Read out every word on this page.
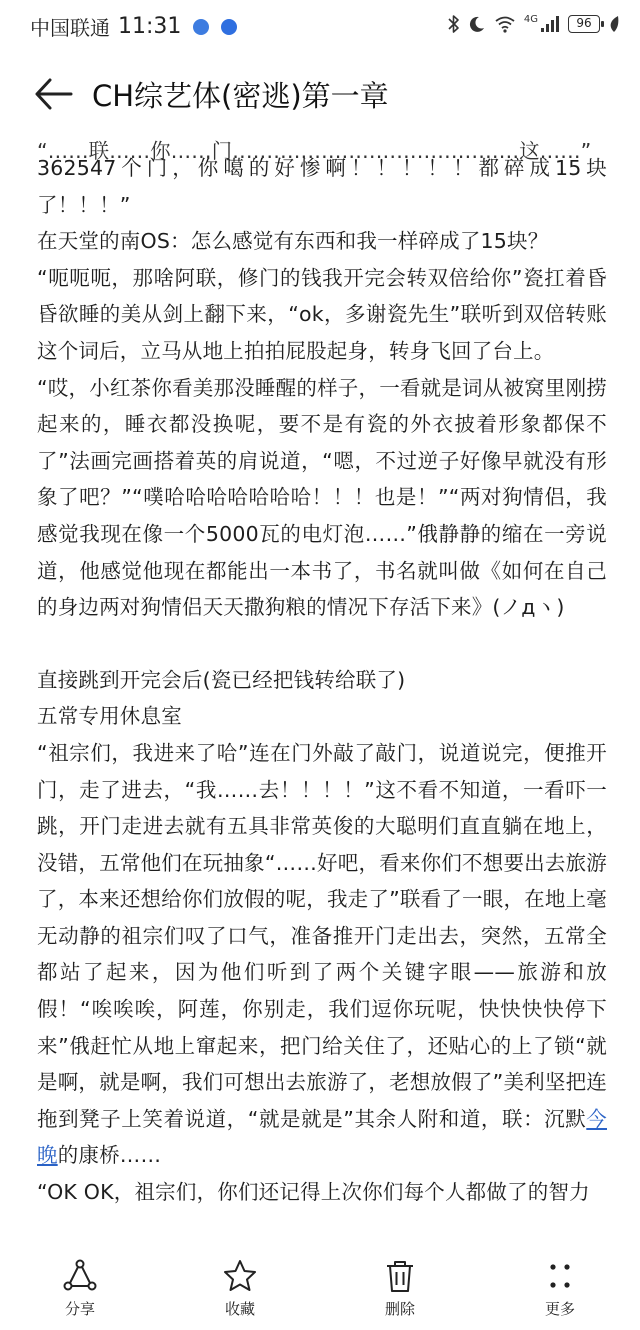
中国联通 11:31	4G	96
CH综艺体(密逃)第一章
“……联……你……门……………………………………这……”
362547个门，你噶的好惨啊！！！！！都碎成15块了！！！”
在天堂的南OS：怎么感觉有东西和我一样碎成了15块？
“呃呃呃，那啥阿联，修门的钱我开完会转双倍给你”瓷扛着昏昏欲睡的美从剑上翻下来，“ok，多谢瓷先生”联听到双倍转账这个词后，立马从地上拍拍屁股起身，转身飞回了台上。
“哎，小红茶你看美那没睡醒的样子，一看就是词从被窝里刚捞起来的，睡衣都没换呢，要不是有瓷的外衣披着形象都保不了”法画完画搭着英的肩说道，“嗯，不过逆子好像早就没有形象了吧？”“噗哈哈哈哈哈哈哈！！！也是！”“两对狗情侣，我感觉我现在像一个5000瓦的电灯泡……”俄静静的缩在一旁说道，他感觉他现在都能出一本书了，书名就叫做《如何在自己的身边两对狗情侣天天撒狗粮的情况下存活下来》(ノдヽ)
直接跳到开完会后(瓷已经把钱转给联了)
五常专用休息室
“祖宗们，我进来了哈”连在门外敲了敲门，说道说完，便推开门，走了进去，“我……去！！！！”这不看不知道，一看吓一跳，开门走进去就有五具非常英俊的大聪明们直直躺在地上，没错，五常他们在玩抽象“……好吧，看来你们不想要出去旅游了，本来还想给你们放假的呢，我走了”联看了一眼，在地上毫无动静的祖宗们叹了口气，准备推开门走出去，突然，五常全都站了起来，因为他们听到了两个关键字眼——旅游和放假！“唉唉唉，阿莲，你别走，我们逗你玩呢，快快快快停下来”俄赶忙从地上窜起来，把门给关住了，还贴心的上了锁“就是啊，就是啊，我们可想出去旅游了，老想放假了”美利坚把连拖到凳子上笑着说道，“就是就是”其余人附和道，联：沉默今晚的康桥……
“OK OK，祖宗们，你们还记得上次你们每个人都做了的智力
分享	收藏	删除	更多
